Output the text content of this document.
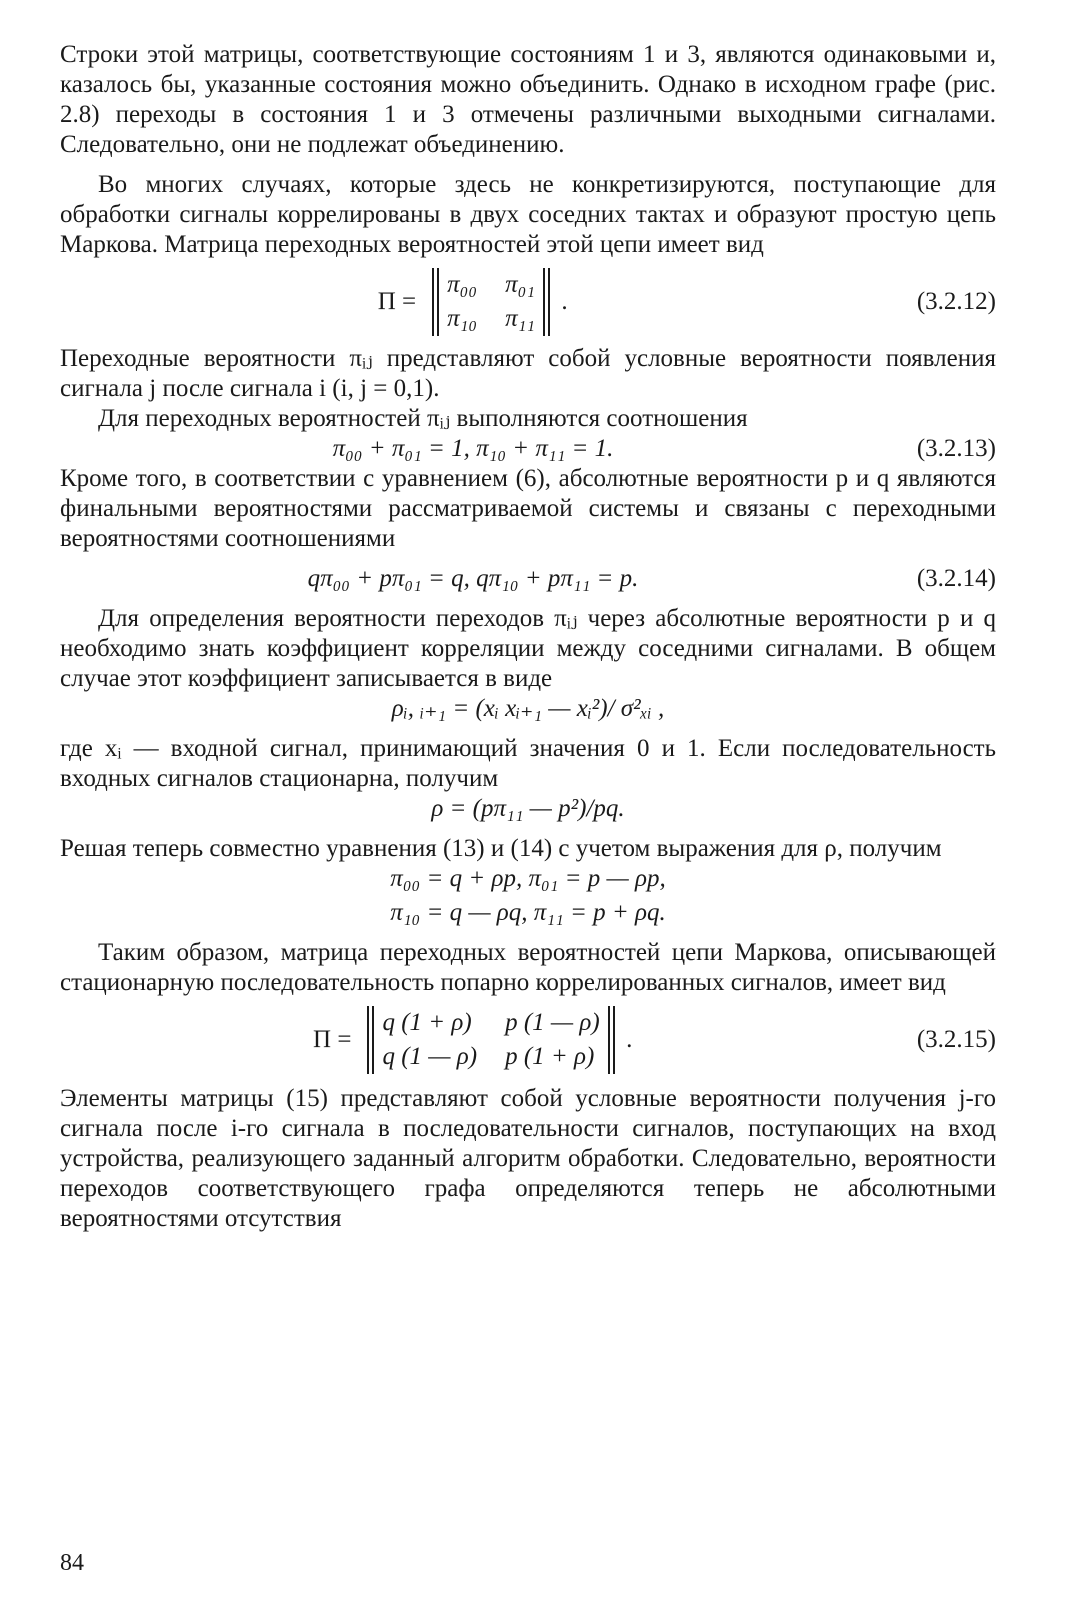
Строки этой матрицы, соответствующие состояниям 1 и 3, являются одинаковыми и, казалось бы, указанные состояния можно объединить. Однако в исходном графе (рис. 2.8) переходы в состояния 1 и 3 отмечены различными выходными сигналами. Следовательно, они не подлежат объединению.

Во многих случаях, которые здесь не конкретизируются, поступающие для обработки сигналы коррелированы в двух соседних тактах и образуют простую цепь Маркова. Матрица переходных вероятностей этой цепи имеет вид

Π =
π₀₀ π₀₁
π₁₀ π₁₁
.	(3.2.12)

Переходные вероятности πᵢⱼ представляют собой условные вероятности появления сигнала j после сигнала i (i, j = 0,1).

Для переходных вероятностей πᵢⱼ выполняются соотношения

π₀₀ + π₀₁ = 1, π₁₀ + π₁₁ = 1.	(3.2.13)

Кроме того, в соответствии с уравнением (6), абсолютные вероятности p и q являются финальными вероятностями рассматриваемой системы и связаны с переходными вероятностями соотношениями

qπ₀₀ + pπ₀₁ = q, qπ₁₀ + pπ₁₁ = p.	(3.2.14)

Для определения вероятности переходов πᵢⱼ через абсолютные вероятности p и q необходимо знать коэффициент корреляции между соседними сигналами. В общем случае этот коэффициент записывается в виде

ρᵢ, ᵢ₊₁ = (xᵢ xᵢ₊₁ — xᵢ²)/ σ²ₓᵢ ,

где xᵢ — входной сигнал, принимающий значения 0 и 1. Если последовательность входных сигналов стационарна, получим

ρ = (pπ₁₁ — p²)/pq.

Решая теперь совместно уравнения (13) и (14) с учетом выражения для ρ, получим

π₀₀ = q + ρp, π₀₁ = p — ρp,
π₁₀ = q — ρq, π₁₁ = p + ρq.

Таким образом, матрица переходных вероятностей цепи Маркова, описывающей стационарную последовательность попарно коррелированных сигналов, имеет вид

Π =
q (1 + ρ) p (1 — ρ)
q (1 — ρ) p (1 + ρ)
.	(3.2.15)

Элементы матрицы (15) представляют собой условные вероятности получения j-го сигнала после i-го сигнала в последовательности сигналов, поступающих на вход устройства, реализующего заданный алгоритм обработки. Следовательно, вероятности переходов соответствующего графа определяются теперь не абсолютными вероятностями отсутствия

84
